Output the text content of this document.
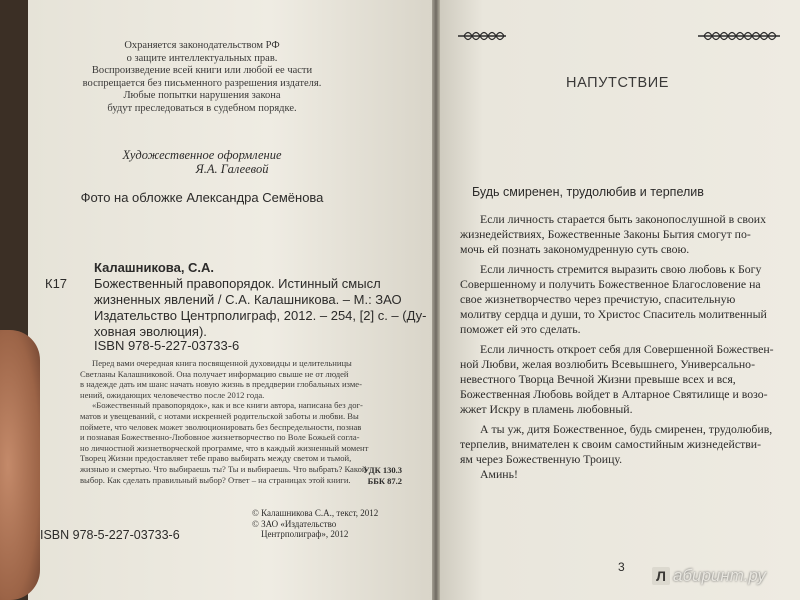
Охраняется законодательством РФ
о защите интеллектуальных прав.
Воспроизведение всей книги или любой ее части
воспрещается без письменного разрешения издателя.
Любые попытки нарушения закона
будут преследоваться в судебном порядке.
Художественное оформление
Я.А. Галеевой
Фото на обложке Александра Семёнова
К17
Калашникова, С.А.
Божественный правопорядок. Истинный смысл
жизненных явлений / С.А. Калашникова. – М.: ЗАО
Издательство Центрполиграф, 2012. – 254, [2] с. – (Ду-
ховная эволюция).
ISBN 978-5-227-03733-6
Перед вами очередная книга посвященной духовидцы и целительницы
Светланы Калашниковой. Она получает информацию свыше не от людей
в надежде дать им шанс начать новую жизнь в преддверии глобальных изме-
нений, ожидающих человечество после 2012 года.
«Божественный правопорядок», как и все книги автора, написана без дог-
матов и увещеваний, с нотами искренней родительской заботы и любви. Вы
поймете, что человек может эволюционировать без беспредельности, познав
и познавая Божественно-Любовное жизнетворчество по Воле Божьей согла-
но личностной жизнетворческой программе, что в каждый жизненный момент
Творец Жизни предоставляет тебе право выбирать между светом и тьмой,
жизнью и смертью. Что выбираешь ты? Ты и выбираешь. Что выбрать? Какой
выбор. Как сделать правильный выбор? Ответ – на страницах этой книги.
УДК 130.3
ББК 87.2
ISBN 978-5-227-03733-6
© Калашникова С.А., текст, 2012
© ЗАО «Издательство
Центрполиграф», 2012
НАПУТСТВИЕ
Будь смиренен, трудолюбив и терпелив
Если личность старается быть законопослушной в своих
жизнедействиях, Божественные Законы Бытия смогут по-
мочь ей познать закономудренную суть свою.
Если личность стремится выразить свою любовь к Богу
Совершенному и получить Божественное Благословение на
свое жизнетворчество через пречистую, спасительную
молитву сердца и души, то Христос Спаситель молитвенный
поможет ей это сделать.
Если личность откроет себя для Совершенной Божествен-
ной Любви, желая возлюбить Всевышнего, Универсально-
невестного Творца Вечной Жизни превыше всех и вся,
Божественная Любовь войдет в Алтарное Святилище и возо-
жжет Искру в пламень любовный.
А ты уж, дитя Божественное, будь смиренен, трудолюбив,
терпелив, внимателен к своим самостийным жизнедействи-
ям через Божественную Троицу.
Аминь!
3
Л абиринт.ру
